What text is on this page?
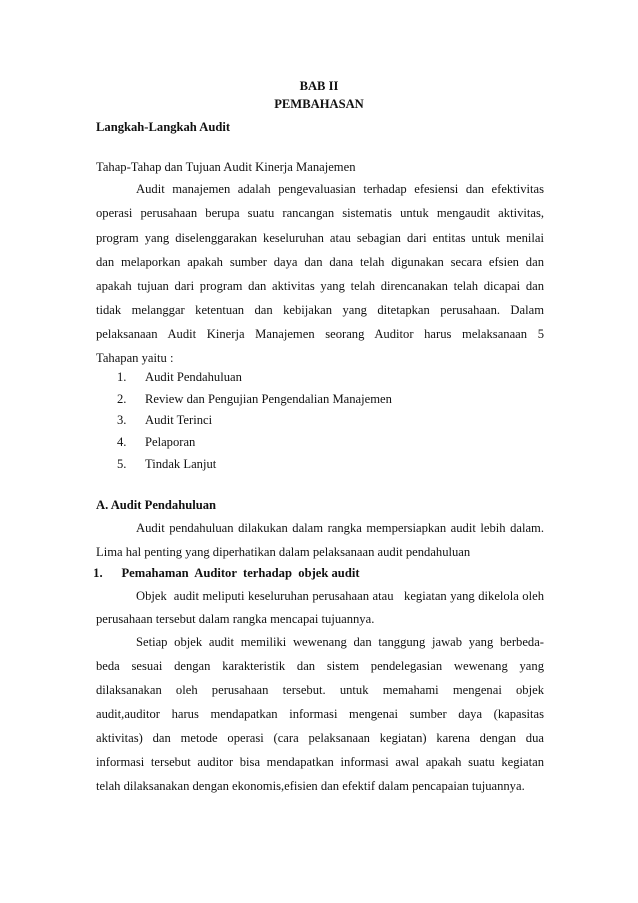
BAB II
PEMBAHASAN
Langkah-Langkah Audit
Tahap-Tahap dan Tujuan Audit Kinerja Manajemen
Audit manajemen adalah pengevaluasian terhadap efesiensi dan efektivitas
operasi perusahaan berupa suatu rancangan sistematis untuk mengaudit aktivitas,
program yang diselenggarakan keseluruhan atau sebagian dari entitas untuk menilai
dan melaporkan apakah sumber daya dan dana telah digunakan secara efsien dan
apakah tujuan dari program dan aktivitas yang telah direncanakan telah dicapai dan
tidak melanggar ketentuan dan kebijakan yang ditetapkan perusahaan. Dalam
pelaksanaan Audit Kinerja Manajemen seorang Auditor harus melaksanaan 5
Tahapan yaitu :
1. Audit Pendahuluan
2. Review dan Pengujian Pengendalian Manajemen
3. Audit Terinci
4. Pelaporan
5. Tindak Lanjut
A. Audit Pendahuluan
Audit pendahuluan dilakukan dalam rangka mempersiapkan audit lebih dalam.
Lima hal penting yang diperhatikan dalam pelaksanaan audit pendahuluan
1.      Pemahaman  Auditor  terhadap  objek audit
Objek  audit meliputi keseluruhan perusahaan atau   kegiatan yang dikelola oleh
perusahaan tersebut dalam rangka mencapai tujuannya.
Setiap objek audit memiliki wewenang dan tanggung jawab yang berbeda-
beda sesuai dengan karakteristik dan sistem pendelegasian wewenang yang
dilaksanakan oleh perusahaan tersebut. untuk memahami mengenai objek
audit,auditor harus mendapatkan informasi mengenai sumber daya (kapasitas
aktivitas) dan metode operasi (cara pelaksanaan kegiatan) karena dengan dua
informasi tersebut auditor bisa mendapatkan informasi awal apakah suatu kegiatan
telah dilaksanakan dengan ekonomis,efisien dan efektif dalam pencapaian tujuannya.
